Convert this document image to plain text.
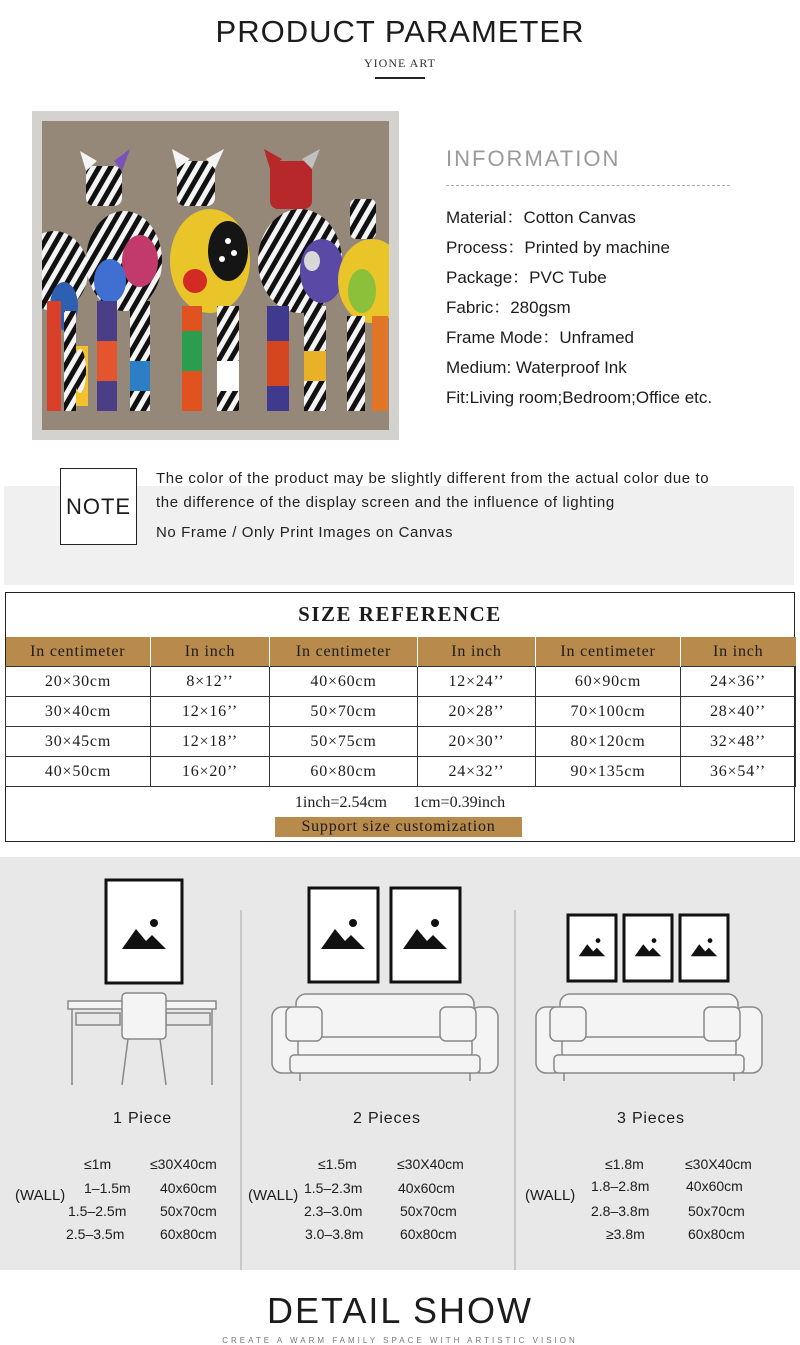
PRODUCT PARAMETER
YIONE ART
INFORMATION
Material：Cotton Canvas
Process：Printed by machine
Package：PVC Tube
Fabric：280gsm
Frame Mode：Unframed
Medium: Waterproof Ink
Fit:Living room;Bedroom;Office etc.
NOTE
The color of the product may be slightly different from the actual color due to
the difference of the display screen and the influence of lighting
No Frame / Only Print Images on Canvas
SIZE REFERENCE
In centimeter	In inch	In centimeter	In inch	In centimeter	In inch
20×30cm	8×12’’	40×60cm	12×24’’	60×90cm	24×36’’
30×40cm	12×16’’	50×70cm	20×28’’	70×100cm	28×40’’
30×45cm	12×18’’	50×75cm	20×30’’	80×120cm	32×48’’
40×50cm	16×20’’	60×80cm	24×32’’	90×135cm	36×54’’
1inch=2.54cm 1cm=0.39inch
Support size customization
1 Piece
(WALL)
≤1m	≤30X40cm
1–1.5m 40x60cm
1.5–2.5m 50x70cm
2.5–3.5m	60x80cm
2 Pieces
(WALL)
≤1.5m	≤30X40cm
1.5–2.3m	40x60cm
2.3–3.0m	50x70cm
3.0–3.8m	60x80cm
3 Pieces
(WALL)
≤1.8m	≤30X40cm
1.8–2.8m	40x60cm
2.8–3.8m	50x70cm
≥3.8m	60x80cm
DETAIL SHOW
CREATE A WARM FAMILY SPACE WITH ARTISTIC VISION
